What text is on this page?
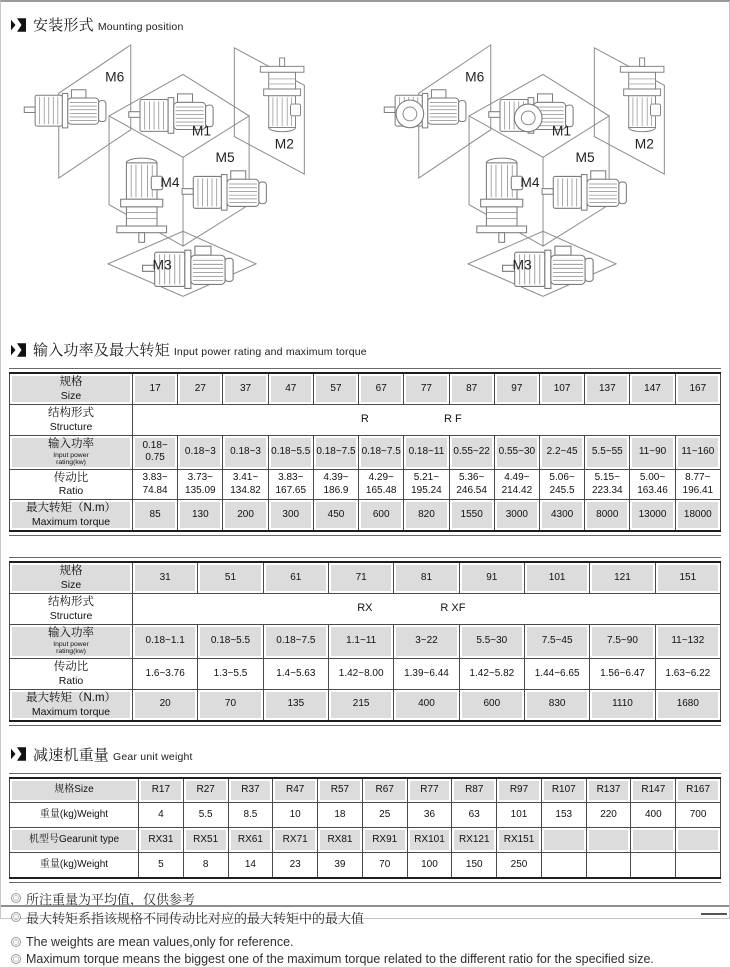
安装形式 Mounting position
M1
M2
M3
M4
M5
M6
M1
M2
M3
M4
M5
M6
输入功率及最大转矩 Input power rating and maximum torque
规格
Size	17	27	37	47	57	67	77	87	97	107	137	147	167

结构形式
Structure

R	R F

输入功率
Input power rating(kw)	0.18~​0.75	0.18~​3	0.18~​3	0.18~​5.5	0.18~​7.5	0.18~​7.5	0.18~​11	0.55~​22	0.55~​30	2.2~​45	5.5~​55	11~​90	11~​160

传动比
Ratio	3.83~​74.84	3.73~​135.09	3.41~​134.82	3.83~​167.65	4.39~​186.9	4.29~​165.48	5.21~​195.24	5.36~​246.54	4.49~​214.42	5.06~​245.5	5.15~​223.34	5.00~​163.46	8.77~​196.41

最大转矩（N.m）
Maximum torque	85	130	200	300	450	600	820	1550	3000	4300	8000	13000	18000
规格
Size	31	51	61	71	81	91	101	121	151

结构形式
Structure

RX	R XF

输入功率
Input power rating(kw)	0.18~​1.1	0.18~​5.5	0.18~​7.5	1.1~​11	3~​22	5.5~​30	7.5~​45	7.5~​90	11~​132

传动比
Ratio	1.6~​3.76	1.3~​5.5	1.4~​5.63	1.42~​8.00	1.39~​6.44	1.42~​5.82	1.44~​6.65	1.56~​6.47	1.63~​6.22

最大转矩（N.m）
Maximum torque	20	70	135	215	400	600	830	1110	1680
减速机重量 Gear unit weight
规格Size	R17	R27	R37	R47	R57	R67	R77	R87	R97	R107	R137	R147	R167
重量(kg)Weight	4	5.5	8.5	10	18	25	36	63	101	153	220	400	700
机型号Gearunit type	RX31	RX51	RX61	RX71	RX81	RX91	RX101	RX121	RX151				
重量(kg)Weight	5	8	14	23	39	70	100	150	250				
所注重量为平均值，仅供参考
最大转矩系指该规格不同传动比对应的最大转矩中的最大值
The weights are mean values,only for reference.
Maximum torque means the biggest one of the maximum torque related to the different ratio for the specified size.
